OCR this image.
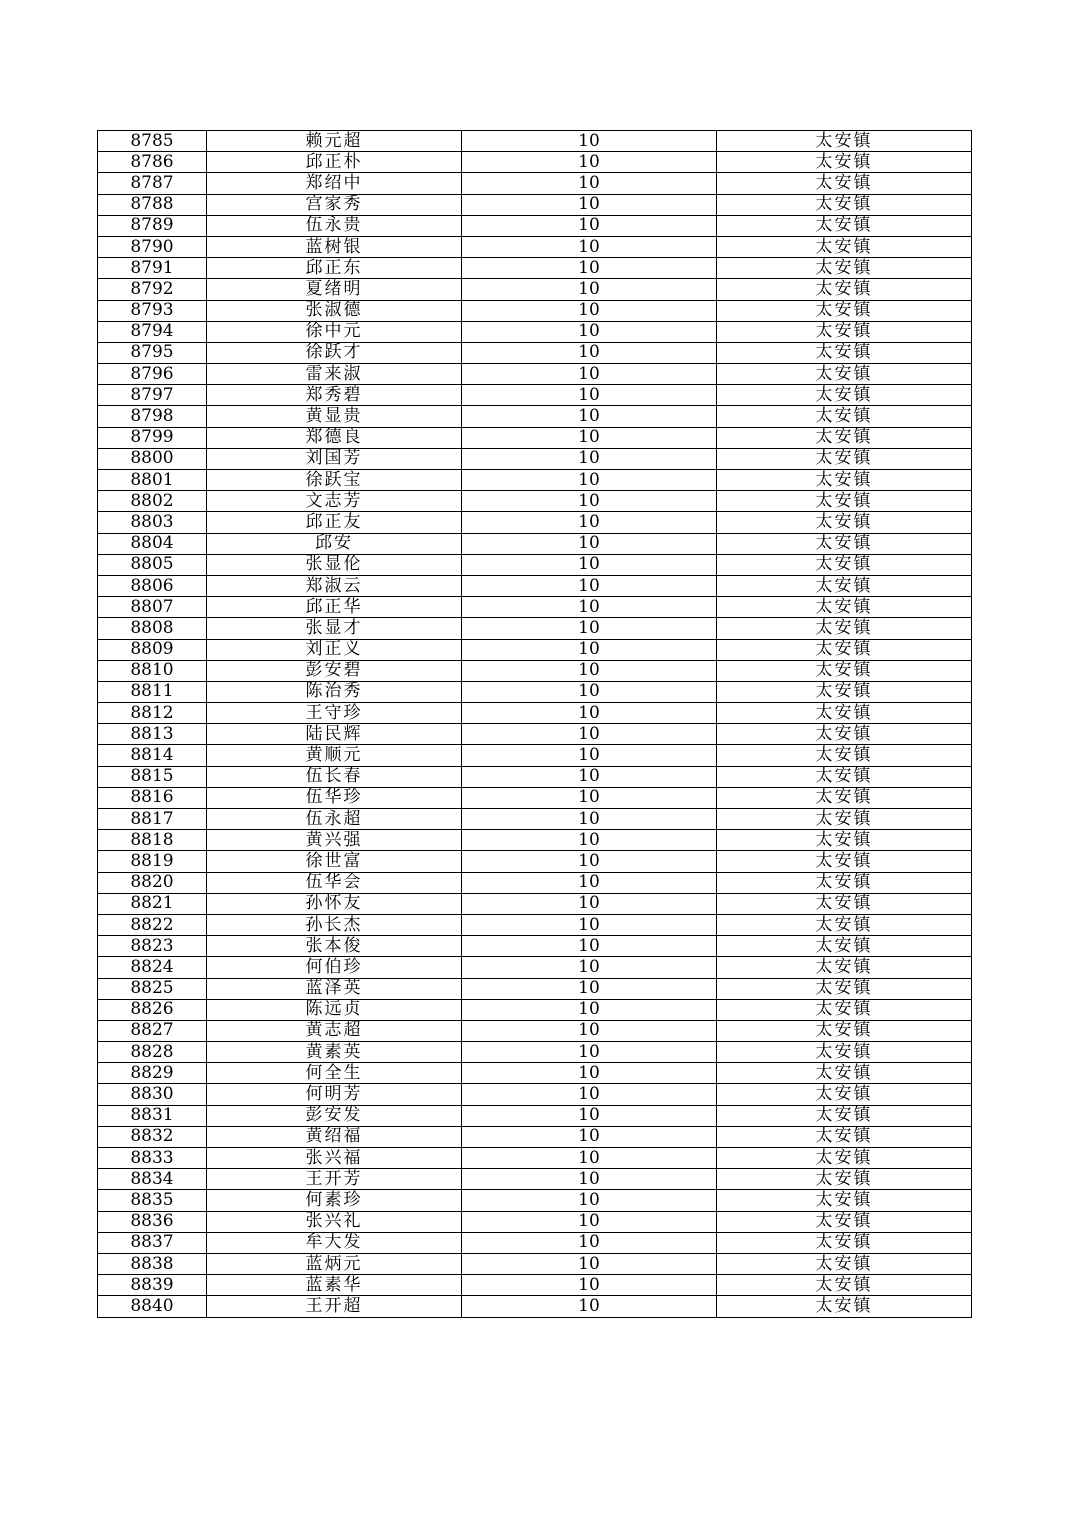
8785	赖元超	10	太安镇
8786	邱正朴	10	太安镇
8787	郑绍中	10	太安镇
8788	宫家秀	10	太安镇
8789	伍永贵	10	太安镇
8790	蓝树银	10	太安镇
8791	邱正东	10	太安镇
8792	夏绪明	10	太安镇
8793	张淑德	10	太安镇
8794	徐中元	10	太安镇
8795	徐跃才	10	太安镇
8796	雷来淑	10	太安镇
8797	郑秀碧	10	太安镇
8798	黄显贵	10	太安镇
8799	郑德良	10	太安镇
8800	刘国芳	10	太安镇
8801	徐跃宝	10	太安镇
8802	文志芳	10	太安镇
8803	邱正友	10	太安镇
8804	邱安	10	太安镇
8805	张显伦	10	太安镇
8806	郑淑云	10	太安镇
8807	邱正华	10	太安镇
8808	张显才	10	太安镇
8809	刘正义	10	太安镇
8810	彭安碧	10	太安镇
8811	陈治秀	10	太安镇
8812	王守珍	10	太安镇
8813	陆民辉	10	太安镇
8814	黄顺元	10	太安镇
8815	伍长春	10	太安镇
8816	伍华珍	10	太安镇
8817	伍永超	10	太安镇
8818	黄兴强	10	太安镇
8819	徐世富	10	太安镇
8820	伍华会	10	太安镇
8821	孙怀友	10	太安镇
8822	孙长杰	10	太安镇
8823	张本俊	10	太安镇
8824	何伯珍	10	太安镇
8825	蓝泽英	10	太安镇
8826	陈远贞	10	太安镇
8827	黄志超	10	太安镇
8828	黄素英	10	太安镇
8829	何全生	10	太安镇
8830	何明芳	10	太安镇
8831	彭安发	10	太安镇
8832	黄绍福	10	太安镇
8833	张兴福	10	太安镇
8834	王开芳	10	太安镇
8835	何素珍	10	太安镇
8836	张兴礼	10	太安镇
8837	牟大发	10	太安镇
8838	蓝炳元	10	太安镇
8839	蓝素华	10	太安镇
8840	王开超	10	太安镇
